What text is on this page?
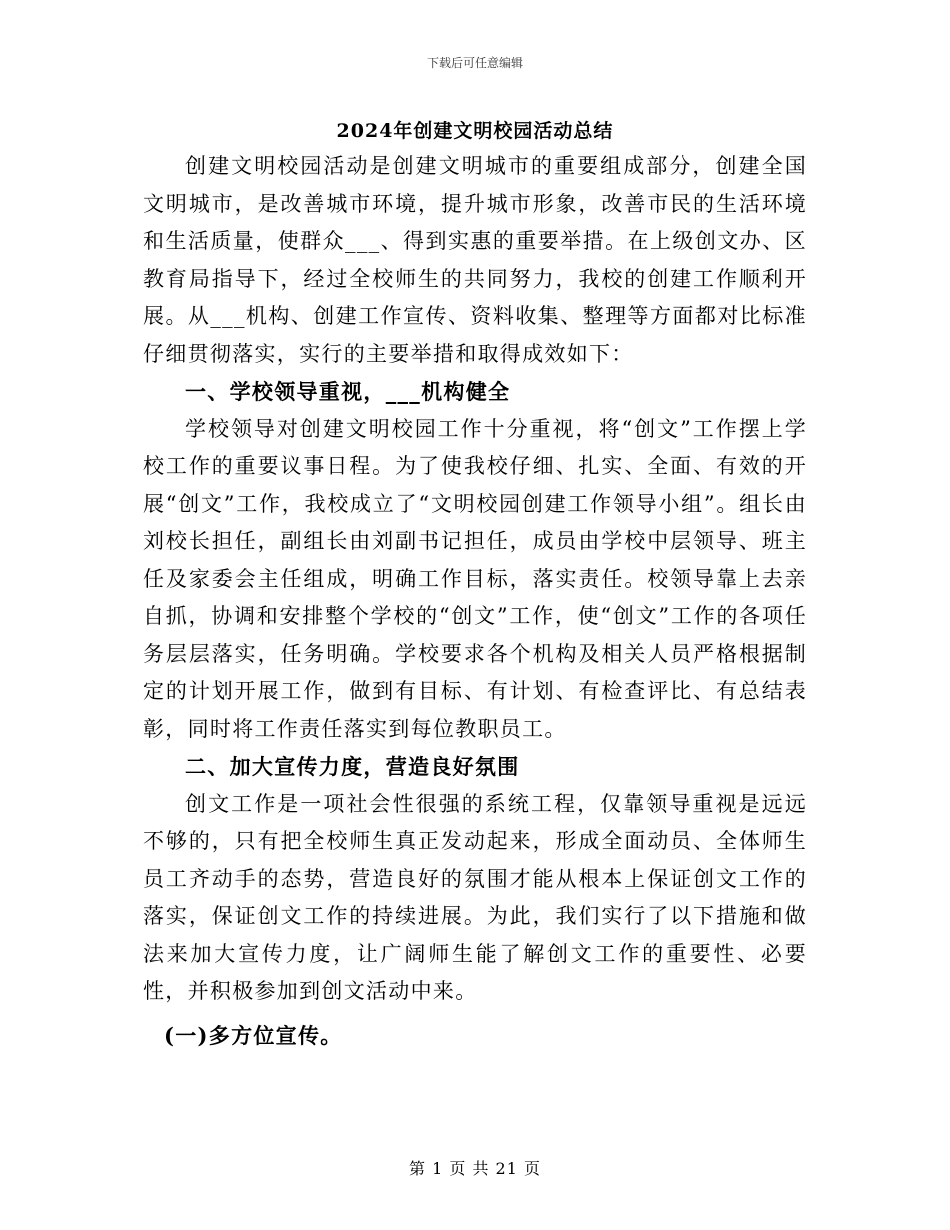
下载后可任意编辑
2024年创建文明校园活动总结

创建文明校园活动是创建文明城市的重要组成部分，创建全国文明城市，是改善城市环境，提升城市形象，改善市民的生活环境和生活质量，使群众___、得到实惠的重要举措。在上级创文办、区教育局指导下，经过全校师生的共同努力，我校的创建工作顺利开展。从___机构、创建工作宣传、资料收集、整理等方面都对比标准仔细贯彻落实，实行的主要举措和取得成效如下：

一、学校领导重视，___机构健全

学校领导对创建文明校园工作十分重视，将“创文”工作摆上学校工作的重要议事日程。为了使我校仔细、扎实、全面、有效的开展“创文”工作，我校成立了“文明校园创建工作领导小组”。组长由刘校长担任，副组长由刘副书记担任，成员由学校中层领导、班主任及家委会主任组成，明确工作目标，落实责任。校领导靠上去亲自抓，协调和安排整个学校的“创文”工作，使“创文”工作的各项任务层层落实，任务明确。学校要求各个机构及相关人员严格根据制定的计划开展工作，做到有目标、有计划、有检查评比、有总结表彰，同时将工作责任落实到每位教职员工。

二、加大宣传力度，营造良好氛围

创文工作是一项社会性很强的系统工程，仅靠领导重视是远远不够的，只有把全校师生真正发动起来，形成全面动员、全体师生员工齐动手的态势，营造良好的氛围才能从根本上保证创文工作的落实，保证创文工作的持续进展。为此，我们实行了以下措施和做法来加大宣传力度，让广阔师生能了解创文工作的重要性、必要性，并积极参加到创文活动中来。

(一)多方位宣传。
第 1 页 共 21 页
